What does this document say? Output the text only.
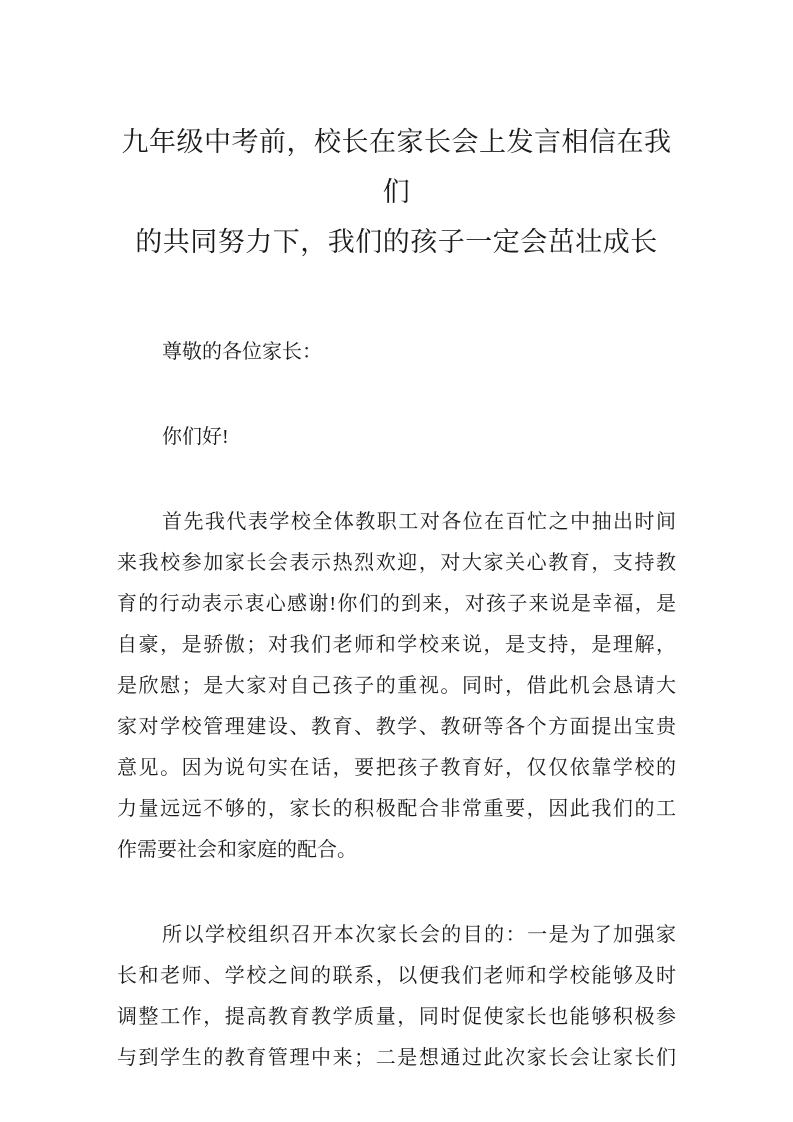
九年级中考前，校长在家长会上发言相信在我们
的共同努力下，我们的孩子一定会茁壮成长
尊敬的各位家长：
你们好!
首先我代表学校全体教职工对各位在百忙之中抽出时间
来我校参加家长会表示热烈欢迎，对大家关心教育，支持教
育的行动表示衷心感谢!你们的到来，对孩子来说是幸福，是
自豪，是骄傲；对我们老师和学校来说，是支持，是理解，
是欣慰；是大家对自己孩子的重视。同时，借此机会恳请大
家对学校管理建设、教育、教学、教研等各个方面提出宝贵
意见。因为说句实在话，要把孩子教育好，仅仅依靠学校的
力量远远不够的，家长的积极配合非常重要，因此我们的工
作需要社会和家庭的配合。
所以学校组织召开本次家长会的目的：一是为了加强家
长和老师、学校之间的联系，以便我们老师和学校能够及时
调整工作，提高教育教学质量，同时促使家长也能够积极参
与到学生的教育管理中来；二是想通过此次家长会让家长们
